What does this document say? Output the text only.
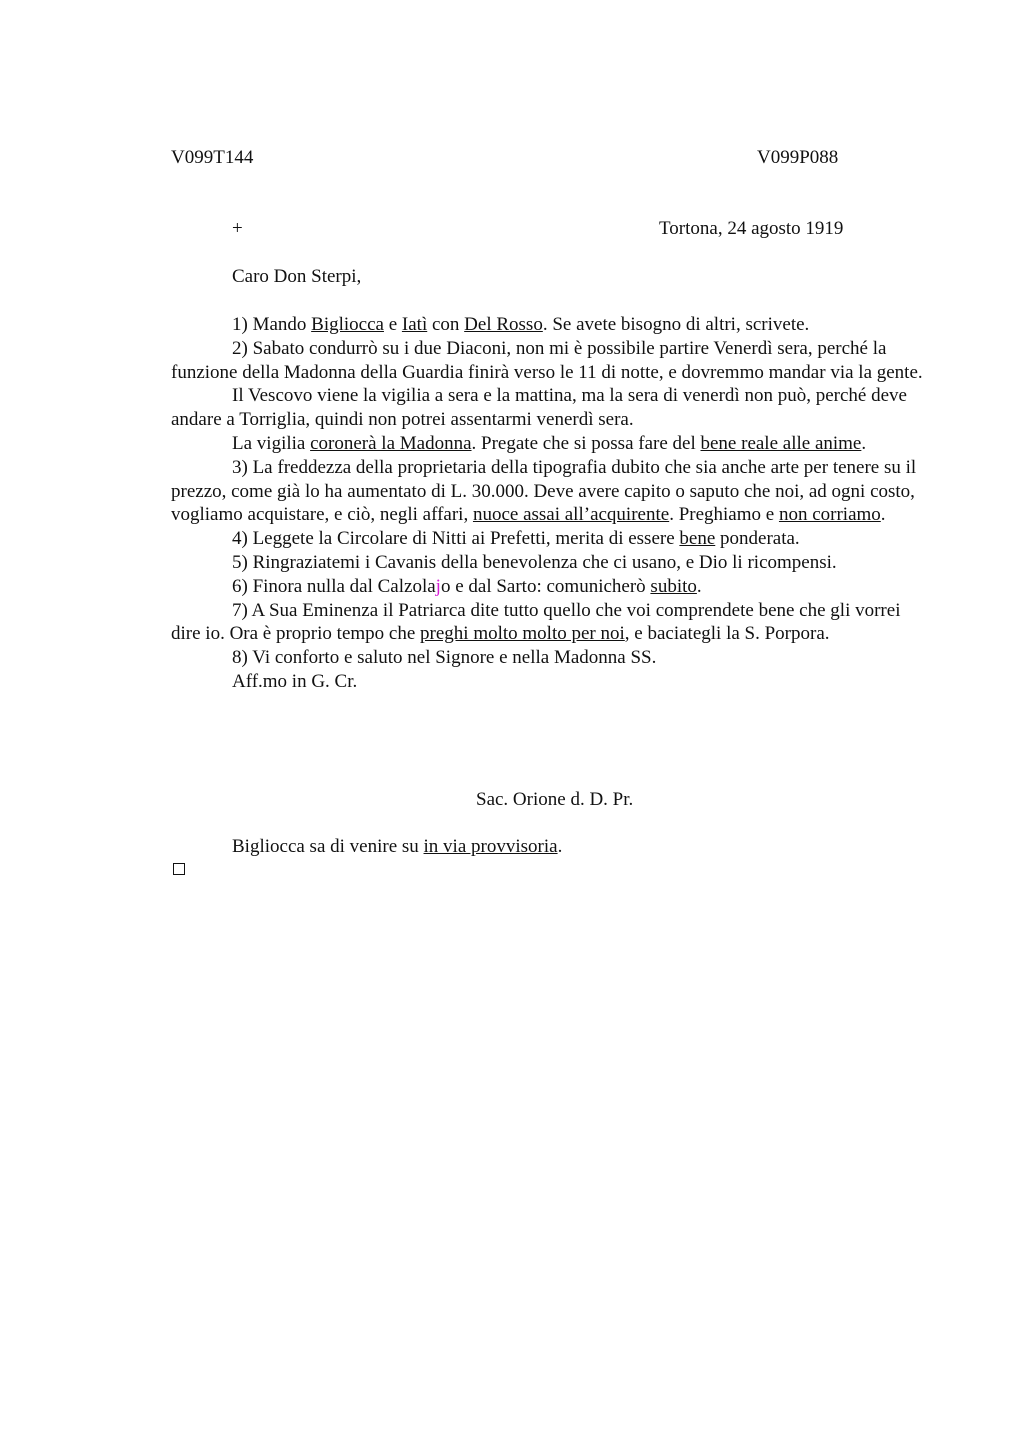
V099T144	V099P088
+	Tortona, 24 agosto 1919
Caro Don Sterpi,

1) Mando Bigliocca e Iatì con Del Rosso. Se avete bisogno di altri, scrivete.

2) Sabato condurrò su i due Diaconi, non mi è possibile partire Venerdì sera, perché la funzione della Madonna della Guardia finirà verso le 11 di notte, e dovremmo mandar via la gente.

Il Vescovo viene la vigilia a sera e la mattina, ma la sera di venerdì non può, perché deve andare a Torriglia, quindi non potrei assentarmi venerdì sera.

La vigilia coronerà la Madonna. Pregate che si possa fare del bene reale alle anime.

3) La freddezza della proprietaria della tipografia dubito che sia anche arte per tenere su il prezzo, come già lo ha aumentato di L. 30.000. Deve avere capito o saputo che noi, ad ogni costo, vogliamo acquistare, e ciò, negli affari, nuoce assai all’acquirente. Preghiamo e non corriamo.

4) Leggete la Circolare di Nitti ai Prefetti, merita di essere bene ponderata.

5) Ringraziatemi i Cavanis della benevolenza che ci usano, e Dio li ricompensi.

6) Finora nulla dal Calzolajo e dal Sarto: comunicherò subito.

7) A Sua Eminenza il Patriarca dite tutto quello che voi comprendete bene che gli vorrei dire io. Ora è proprio tempo che preghi molto molto per noi, e baciategli la S. Porpora.

8) Vi conforto e saluto nel Signore e nella Madonna SS.

Aff.mo in G. Cr.

Sac. Orione d. D. Pr.
Bigliocca sa di venire su in via provvisoria.
